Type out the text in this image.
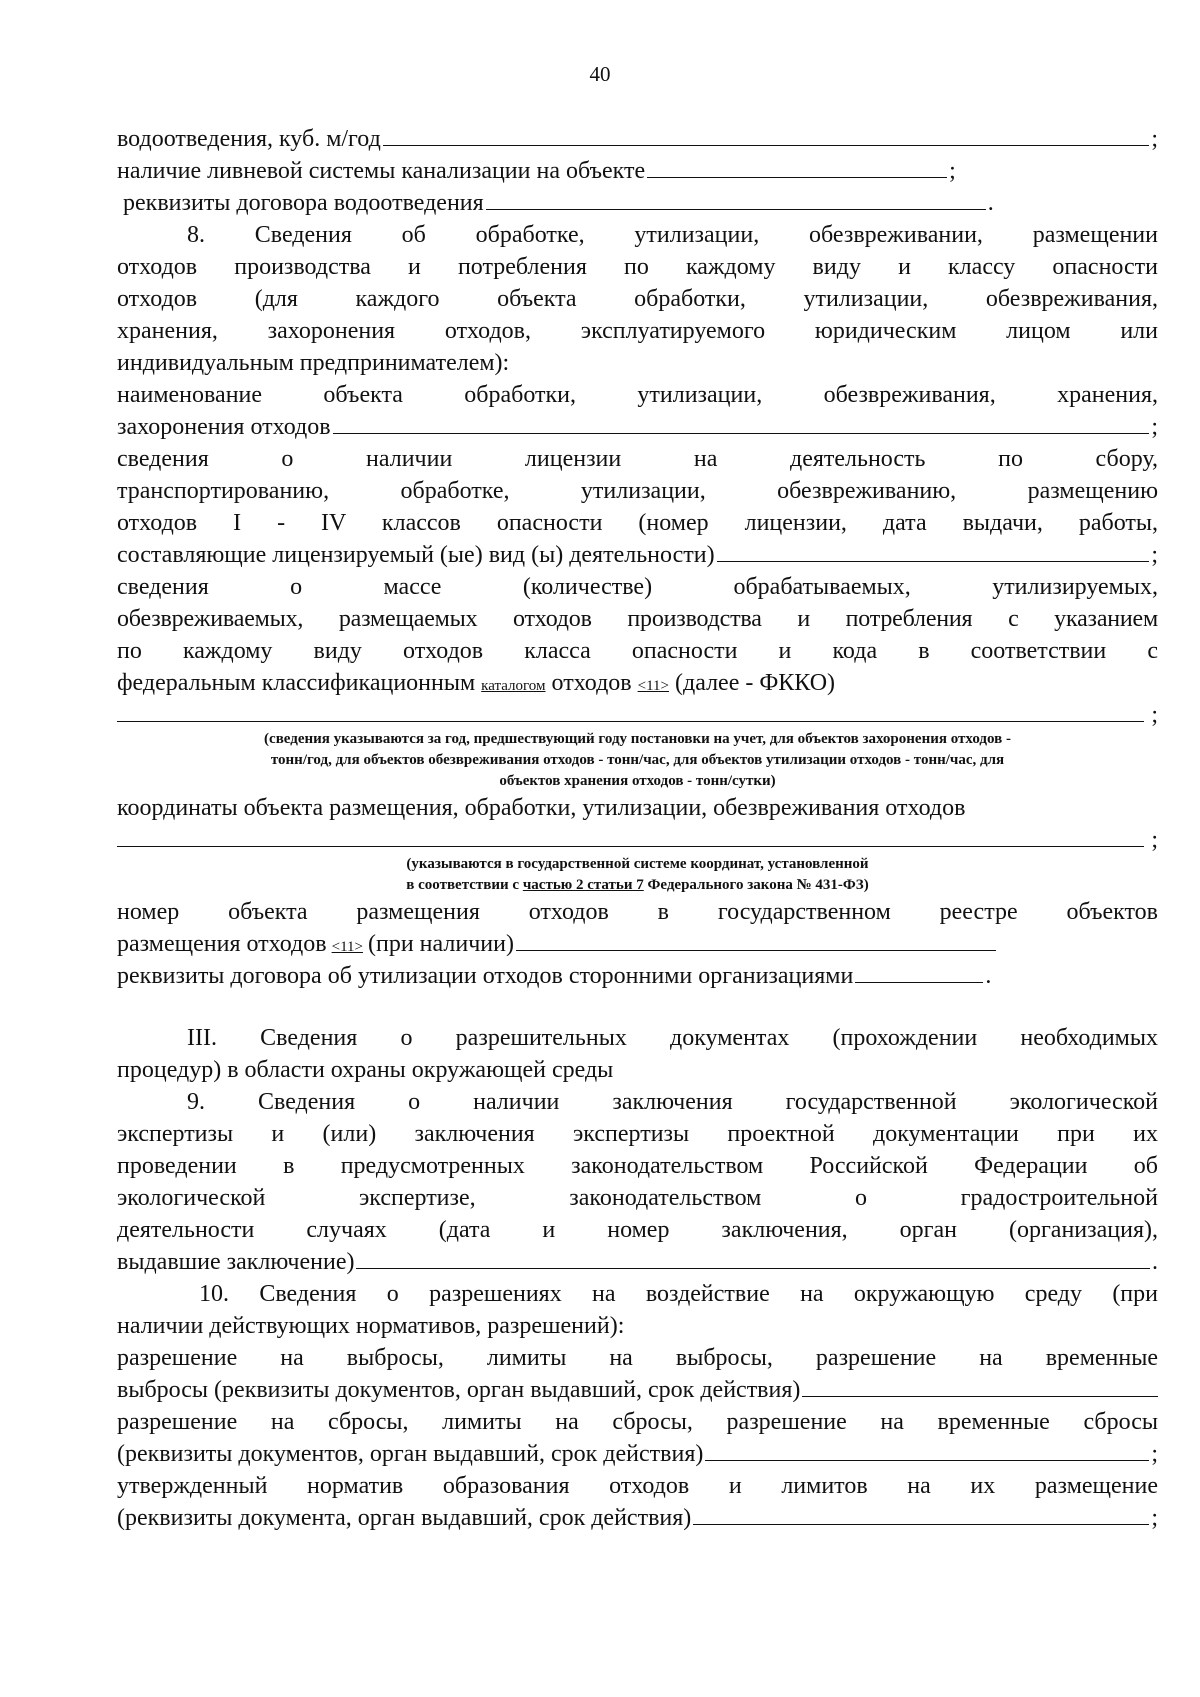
40
водоотведения, куб. м/год	;
наличие ливневой системы канализации на объекте	;
реквизиты договора водоотведения	.
8. Сведения об обработке, утилизации, обезвреживании, размещении
отходов производства и потребления по каждому виду и классу опасности
отходов (для каждого объекта обработки, утилизации, обезвреживания,
хранения, захоронения отходов, эксплуатируемого юридическим лицом или
индивидуальным предпринимателем):
наименование объекта обработки, утилизации, обезвреживания, хранения,
захоронения отходов	;
сведения о наличии лицензии на деятельность по сбору,
транспортированию, обработке, утилизации, обезвреживанию, размещению
отходов I - IV классов опасности (номер лицензии, дата выдачи, работы,
составляющие лицензируемый (ые) вид (ы) деятельности)	;
сведения о массе (количестве) обрабатываемых, утилизируемых,
обезвреживаемых, размещаемых отходов производства и потребления с указанием
по каждому виду отходов класса опасности и кода в соответствии с
федеральным классификационным каталогом отходов <11> (далее - ФККО)
;
(сведения указываются за год, предшествующий году постановки на учет, для объектов захоронения отходов -
тонн/год, для объектов обезвреживания отходов - тонн/час, для объектов утилизации отходов - тонн/час, для
объектов хранения отходов - тонн/сутки)
координаты объекта размещения, обработки, утилизации, обезвреживания отходов
;
(указываются в государственной системе координат, установленной
в соответствии с частью 2 статьи 7 Федерального закона № 431-ФЗ)
номер объекта размещения отходов в государственном реестре объектов
размещения отходов <11> (при наличии)
реквизиты договора об утилизации отходов сторонними организациями	.
III. Сведения о разрешительных документах (прохождении необходимых
процедур) в области охраны окружающей среды
9. Сведения о наличии заключения государственной экологической
экспертизы и (или) заключения экспертизы проектной документации при их
проведении в предусмотренных законодательством Российской Федерации об
экологической экспертизе, законодательством о градостроительной
деятельности случаях (дата и номер заключения, орган (организация),
выдавшие заключение)	.
10. Сведения о разрешениях на воздействие на окружающую среду (при
наличии действующих нормативов, разрешений):
разрешение на выбросы, лимиты на выбросы, разрешение на временные
выбросы (реквизиты документов, орган выдавший, срок действия)
разрешение на сбросы, лимиты на сбросы, разрешение на временные сбросы
(реквизиты документов, орган выдавший, срок действия)	;
утвержденный норматив образования отходов и лимитов на их размещение
(реквизиты документа, орган выдавший, срок действия)	;
